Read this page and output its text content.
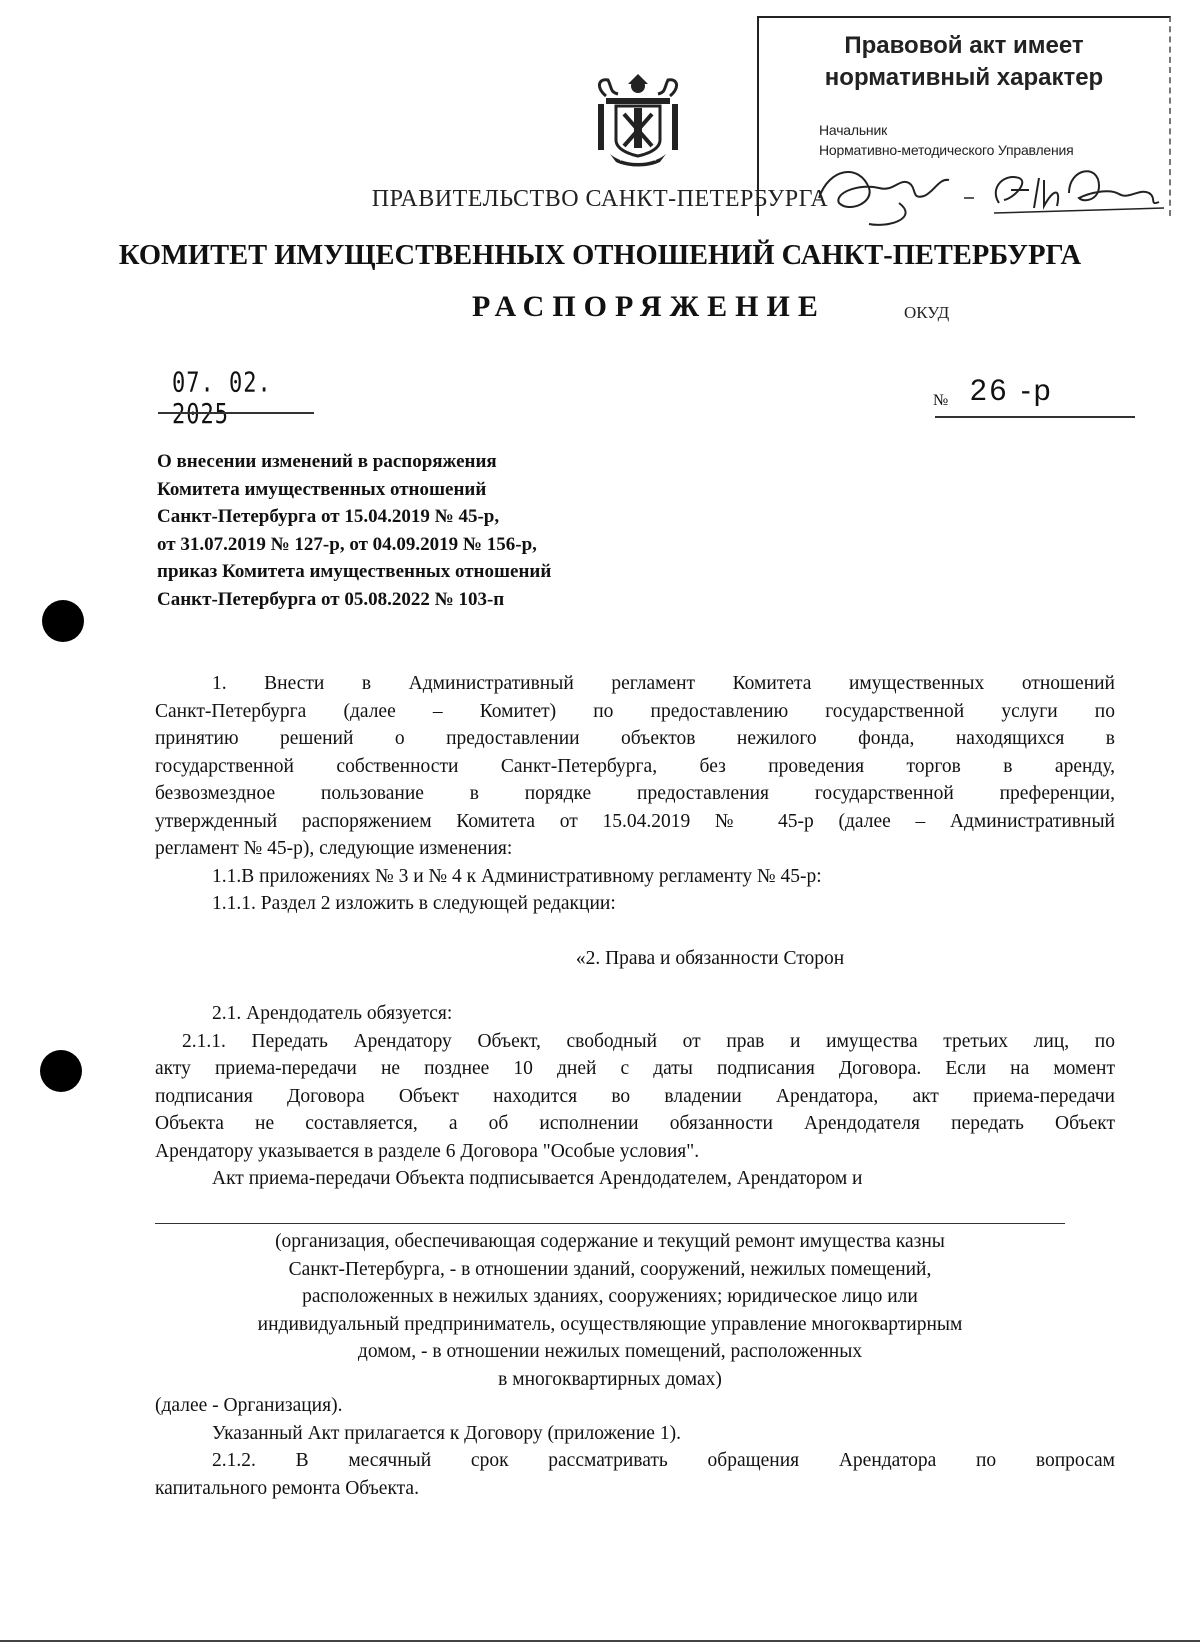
Правовой акт имеет
нормативный характер
Начальник
Нормативно-методического Управления
ПРАВИТЕЛЬСТВО САНКТ-ПЕТЕРБУРГА
КОМИТЕТ ИМУЩЕСТВЕННЫХ ОТНОШЕНИЙ САНКТ-ПЕТЕРБУРГА
РАСПОРЯЖЕНИЕ	ОКУД
07. 02. 2025	№ 26 -р
О внесении изменений в распоряжения
Комитета имущественных отношений
Санкт-Петербурга от 15.04.2019 № 45-р,
от 31.07.2019 № 127-р, от 04.09.2019 № 156-р,
приказ Комитета имущественных отношений
Санкт-Петербурга от 05.08.2022 № 103-п
1. Внести в Административный регламент Комитета имущественных отношений
Санкт-Петербурга (далее – Комитет) по предоставлению государственной услуги по
принятию решений о предоставлении объектов нежилого фонда, находящихся в
государственной собственности Санкт-Петербурга, без проведения торгов в аренду,
безвозмездное пользование в порядке предоставления государственной преференции,
утвержденный распоряжением Комитета от 15.04.2019 № 45-р (далее – Административный
регламент № 45-р), следующие изменения:
1.1.В приложениях № 3 и № 4 к Административному регламенту № 45-р:
1.1.1. Раздел 2 изложить в следующей редакции:
«2. Права и обязанности Сторон
2.1. Арендодатель обязуется:
2.1.1. Передать Арендатору Объект, свободный от прав и имущества третьих лиц, по
акту приема-передачи не позднее 10 дней с даты подписания Договора. Если на момент
подписания Договора Объект находится во владении Арендатора, акт приема-передачи
Объекта не составляется, а об исполнении обязанности Арендодателя передать Объект
Арендатору указывается в разделе 6 Договора "Особые условия".
Акт приема-передачи Объекта подписывается Арендодателем, Арендатором и
(организация, обеспечивающая содержание и текущий ремонт имущества казны
Санкт-Петербурга, - в отношении зданий, сооружений, нежилых помещений,
расположенных в нежилых зданиях, сооружениях; юридическое лицо или
индивидуальный предприниматель, осуществляющие управление многоквартирным
домом, - в отношении нежилых помещений, расположенных
в многоквартирных домах)
(далее - Организация).
Указанный Акт прилагается к Договору (приложение 1).
2.1.2. В месячный срок рассматривать обращения Арендатора по вопросам
капитального ремонта Объекта.
